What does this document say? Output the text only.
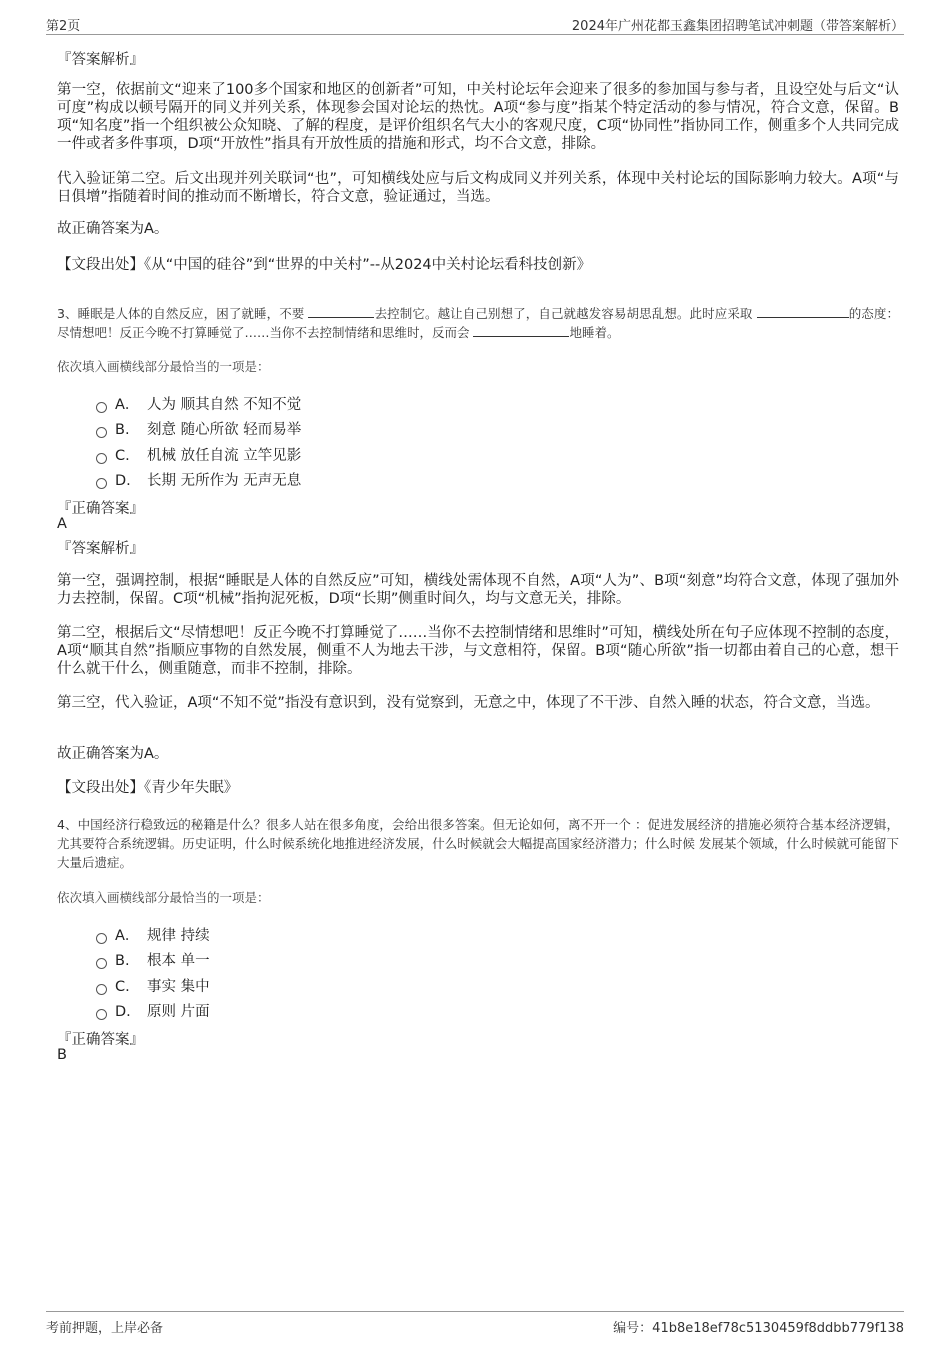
第2页	2024年广州花都玉鑫集团招聘笔试冲刺题（带答案解析）
『答案解析』
第一空，依据前文“迎来了100多个国家和地区的创新者”可知，中关村论坛年会迎来了很多的参加国与参与者，且设空处与后文“认可度”构成以顿号隔开的同义并列关系，体现参会国对论坛的热忱。A项“参与度”指某个特定活动的参与情况，符合文意，保留。B项“知名度”指一个组织被公众知晓、了解的程度，是评价组织名气大小的客观尺度，C项“协同性”指协同工作，侧重多个人共同完成一件或者多件事项，D项“开放性”指具有开放性质的措施和形式，均不合文意，排除。
代入验证第二空。后文出现并列关联词“也”，可知横线处应与后文构成同义并列关系，体现中关村论坛的国际影响力较大。A项“与日俱增”指随着时间的推动而不断增长，符合文意，验证通过，当选。
故正确答案为A。
【文段出处】《从“中国的硅谷”到“世界的中关村”--从2024中关村论坛看科技创新》
3、睡眠是人体的自然反应，困了就睡，不要	去控制它。越让自己别想了，自己就越发容易胡思乱想。此时应采取	的态度：尽情想吧！反正今晚不打算睡觉了……当你不去控制情绪和思维时，反而会	地睡着。
依次填入画横线部分最恰当的一项是：
A． 人为 顺其自然 不知不觉
B. 刻意 随心所欲 轻而易举
C. 机械 放任自流 立竿见影
D. 长期 无所作为 无声无息
『正确答案』
A
『答案解析』
第一空，强调控制，根据“睡眠是人体的自然反应”可知，横线处需体现不自然，A项“人为”、B项“刻意”均符合文意，体现了强加外力去控制，保留。C项“机械”指拘泥死板，D项“长期”侧重时间久，均与文意无关，排除。
第二空，根据后文“尽情想吧！反正今晚不打算睡觉了……当你不去控制情绪和思维时”可知，横线处所在句子应体现不控制的态度，A项“顺其自然”指顺应事物的自然发展，侧重不人为地去干涉，与文意相符，保留。B项“随心所欲”指一切都由着自己的心意，想干什么就干什么，侧重随意，而非不控制，排除。
第三空，代入验证，A项“不知不觉”指没有意识到，没有觉察到，无意之中，体现了不干涉、自然入睡的状态，符合文意，当选。
故正确答案为A。
【文段出处】《青少年失眠》
4、中国经济行稳致远的秘籍是什么？很多人站在很多角度，会给出很多答案。但无论如何，离不开一个 ：促进发展经济的措施必须符合基本经济逻辑，尤其要符合系统逻辑。历史证明，什么时候系统化地推进经济发展，什么时候就会大幅提高国家经济潜力；什么时候 发展某个领域，什么时候就可能留下大量后遗症。
依次填入画横线部分最恰当的一项是：
A． 规律 持续
B. 根本 单一
C. 事实 集中
D. 原则 片面
『正确答案』
B
考前押题，上岸必备	编号：41b8e18ef78c5130459f8ddbb779f138
